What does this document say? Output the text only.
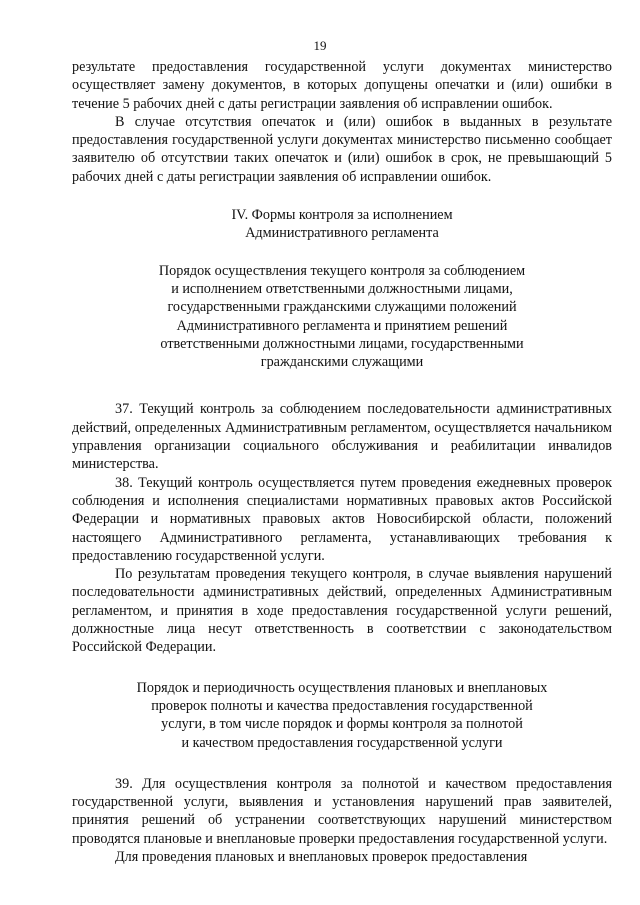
19

результате предоставления государственной услуги документах министерство осуществляет замену документов, в которых допущены опечатки и (или) ошибки в течение 5 рабочих дней с даты регистрации заявления об исправлении ошибок.

В случае отсутствия опечаток и (или) ошибок в выданных в результате предоставления государственной услуги документах министерство письменно сообщает заявителю об отсутствии таких опечаток и (или) ошибок в срок, не превышающий 5 рабочих дней с даты регистрации заявления об исправлении ошибок.

IV. Формы контроля за исполнением

Административного регламента

Порядок осуществления текущего контроля за соблюдением

и исполнением ответственными должностными лицами,

государственными гражданскими служащими положений

Административного регламента и принятием решений

ответственными должностными лицами, государственными

гражданскими служащими

37. Текущий контроль за соблюдением последовательности административных действий, определенных Административным регламентом, осуществляется начальником управления организации социального обслуживания и реабилитации инвалидов министерства.

38. Текущий контроль осуществляется путем проведения ежедневных проверок соблюдения и исполнения специалистами нормативных правовых актов Российской Федерации и нормативных правовых актов Новосибирской области, положений настоящего Административного регламента, устанавливающих требования к предоставлению государственной услуги.

По результатам проведения текущего контроля, в случае выявления нарушений последовательности административных действий, определенных Административным регламентом, и принятия в ходе предоставления государственной услуги решений, должностные лица несут ответственность в соответствии с законодательством Российской Федерации.

Порядок и периодичность осуществления плановых и внеплановых

проверок полноты и качества предоставления государственной

услуги, в том числе порядок и формы контроля за полнотой

и качеством предоставления государственной услуги

39. Для осуществления контроля за полнотой и качеством предоставления государственной услуги, выявления и установления нарушений прав заявителей, принятия решений об устранении соответствующих нарушений министерством проводятся плановые и внеплановые проверки предоставления государственной услуги.

Для проведения плановых и внеплановых проверок предоставления
